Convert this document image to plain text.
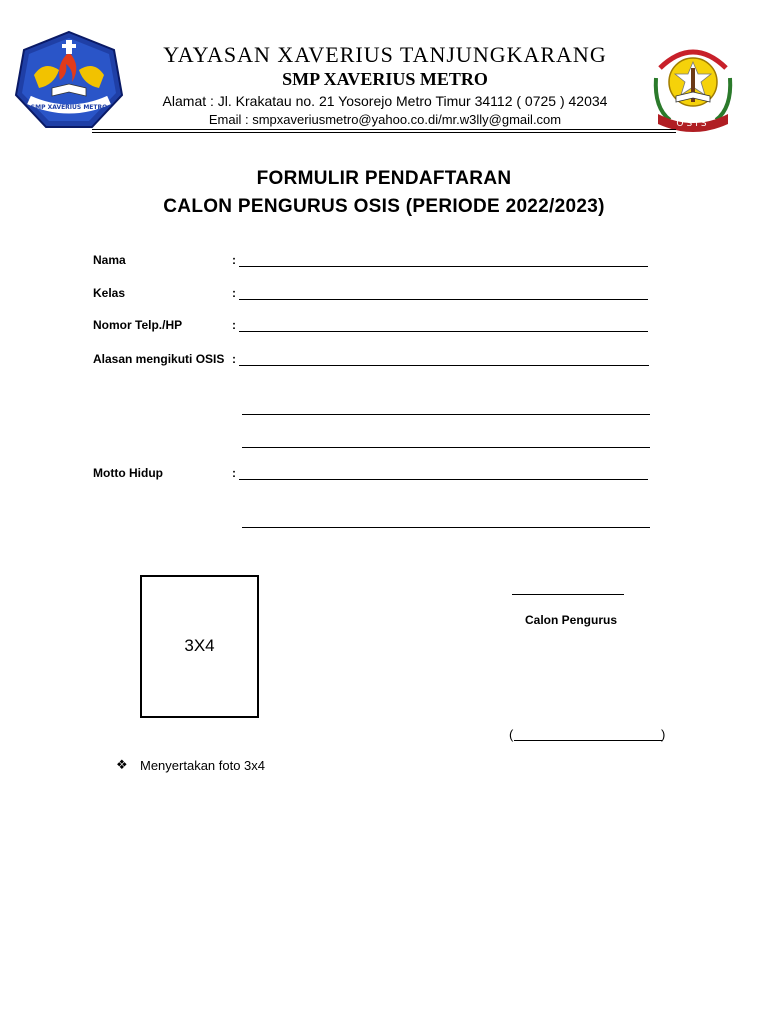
SMP XAVERIUS METRO
OSIS
YAYASAN XAVERIUS TANJUNGKARANG
SMP XAVERIUS METRO
Alamat : Jl. Krakatau no. 21 Yosorejo Metro Timur 34112 ( 0725 ) 42034
Email : smpxaveriusmetro@yahoo.co.di/mr.w3lly@gmail.com
FORMULIR PENDAFTARAN
CALON PENGURUS OSIS (PERIODE 2022/2023)
Nama	:
Kelas	:
Nomor Telp./HP	:
Alasan mengikuti OSIS :
Motto Hidup	:
3X4
Calon Pengurus
(	)
❖ Menyertakan foto 3x4
